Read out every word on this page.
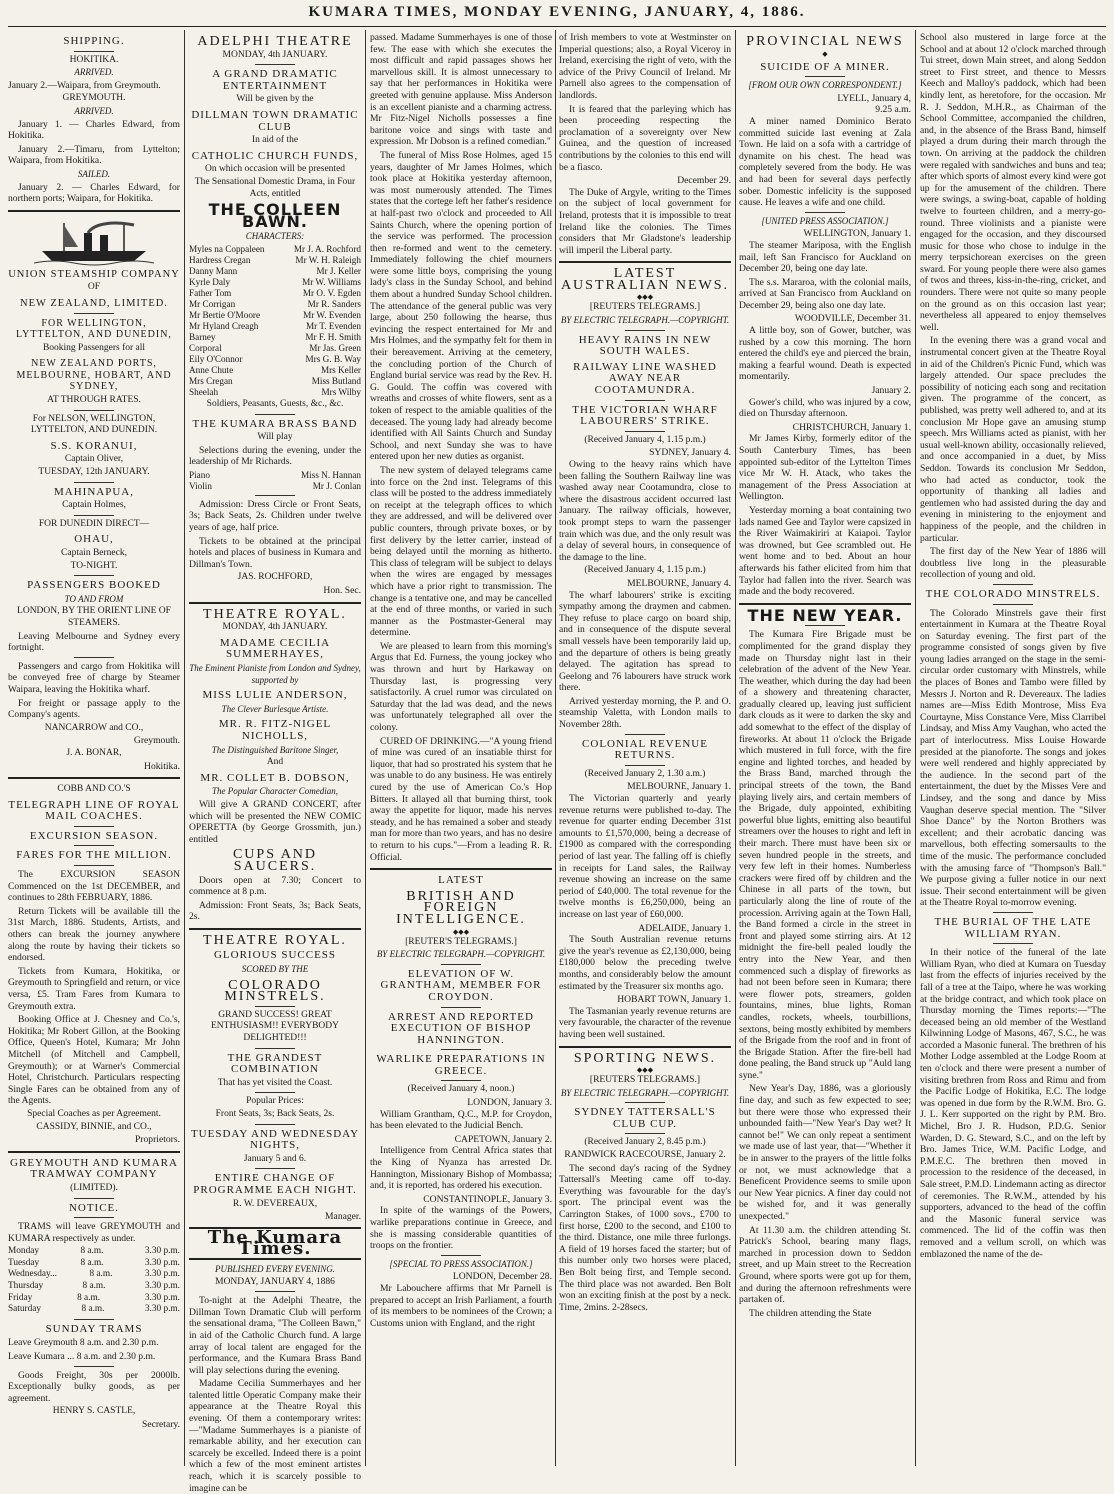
KUMARA TIMES, MONDAY EVENING, JANUARY, 4, 1886.
SHIPPING.
HOKITIKA.
ARRIVED.

January 2.—Waipara, from Greymouth.

GREYMOUTH.
ARRIVED.

January 1. — Charles Edward, from Hokitika.

January 2.—Timaru, from Lyttelton; Waipara, from Hokitika.

SAILED.

January 2. — Charles Edward, for northern ports; Waipara, for Hokitika.

UNION STEAMSHIP COMPANY
OF
NEW ZEALAND, LIMITED.
FOR WELLINGTON, LYTTELTON, AND DUNEDIN,
Booking Passengers for all
NEW ZEALAND PORTS, MELBOURNE, HOBART, AND SYDNEY,
AT THROUGH RATES.
For NELSON, WELLINGTON, LYTTELTON, AND DUNEDIN.
S.S. KORANUI,
Captain Oliver,
TUESDAY, 12th JANUARY.
MAHINAPUA,
Captain Holmes,
FOR DUNEDIN DIRECT—
OHAU,
Captain Berneck,
TO-NIGHT.
PASSENGERS BOOKED
TO AND FROM
LONDON, BY THE ORIENT LINE OF STEAMERS.

Leaving Melbourne and Sydney every fortnight.

Passengers and cargo from Hokitika will be conveyed free of charge by Steamer Waipara, leaving the Hokitika wharf.

For freight or passage apply to the Company's agents.

NANCARROW and CO.,
Greymouth.
J. A. BONAR,
Hokitika.
COBB AND CO.'S
TELEGRAPH LINE OF ROYAL MAIL COACHES.
EXCURSION SEASON.
FARES FOR THE MILLION.

The EXCURSION SEASON Commenced on the 1st DECEMBER, and continues to 28th FEBRUARY, 1886.

Return Tickets will be available till the 31st March, 1886. Students, Artists, and others can break the journey anywhere along the route by having their tickets so endorsed.

Tickets from Kumara, Hokitika, or Greymouth to Springfield and return, or vice versa, £5. Tram Fares from Kumara to Greymouth extra.

Booking Office at J. Chesney and Co.'s, Hokitika; Mr Robert Gillon, at the Booking Office, Queen's Hotel, Kumara; Mr John Mitchell (of Mitchell and Campbell, Greymouth); or at Warner's Commercial Hotel, Christchurch. Particulars respecting Single Fares can be obtained from any of the Agents.

Special Coaches as per Agreement.
CASSIDY, BINNIE, and CO.,
Proprietors.
GREYMOUTH AND KUMARA TRAMWAY COMPANY
(LIMITED).
NOTICE.

TRAMS will leave GREYMOUTH and KUMARA respectively as under.

Monday	8 a.m.	3.30 p.m.
Tuesday	8 a.m.	3.30 p.m.
Wednesday...	8 a.m.	3.30 p.m.
Thursday	8 a.m.	3.30 p.m.
Friday	8 a.m.	3.30 p.m.
Saturday	8 a.m.	3.30 p.m.
SUNDAY TRAMS

Leave Greymouth 8 a.m. and 2.30 p.m.

Leave Kumara ... 8 a.m. and 2.30 p.m.

Goods Freight, 30s per 2000lb. Exceptionally bulky goods, as per agreement.

HENRY S. CASTLE,
Secretary.
ADELPHI THEATRE
MONDAY, 4th JANUARY.
A GRAND DRAMATIC ENTERTAINMENT
Will be given by the
DILLMAN TOWN DRAMATIC CLUB
In aid of the
CATHOLIC CHURCH FUNDS,
On which occasion will be presented
The Sensational Domestic Drama, in Four Acts, entitled
THE COLLEEN BAWN.
CHARACTERS:
Myles na Coppaleen	Mr J. A. Rochford
Hardress Cregan	Mr W. H. Raleigh
Danny Mann	Mr J. Keller
Kyrle Daly	Mr W. Williams
Father Tom	Mr O. V. Egden
Mr Corrigan	Mr R. Sanders
Mr Bertie O'Moore	Mr W. Evenden
Mr Hyland Creagh	Mr T. Evenden
Barney	Mr F. H. Smith
Corporal	Mr Jas. Green
Eily O'Connor	Mrs G. B. Way
Anne Chute	Mrs Keller
Mrs Cregan	Miss Butland
Sheelah	Mrs Wilby
Soldiers, Peasants, Guests, &c., &c.
THE KUMARA BRASS BAND
Will play

Selections during the evening, under the leadership of Mr Richards.

Piano	Miss N. Hannan
Violin	Mr J. Conlan

Admission: Dress Circle or Front Seats, 3s; Back Seats, 2s. Children under twelve years of age, half price.

Tickets to be obtained at the principal hotels and places of business in Kumara and Dillman's Town.

JAS. ROCHFORD,
Hon. Sec.
THEATRE ROYAL.
MONDAY, 4th JANUARY.
MADAME CECILIA SUMMERHAYES,
The Eminent Pianiste from London and Sydney, supported by
MISS LULIE ANDERSON,
The Clever Burlesque Artiste.
MR. R. FITZ-NIGEL NICHOLLS,
The Distinguished Baritone Singer,
And
MR. COLLET B. DOBSON,
The Popular Character Comedian,

Will give A GRAND CONCERT, after which will be presented the NEW COMIC OPERETTA (by George Grossmith, jun.) entitled

CUPS AND SAUCERS.

Doors open at 7.30; Concert to commence at 8 p.m.

Admission: Front Seats, 3s; Back Seats, 2s.

THEATRE ROYAL.
GLORIOUS SUCCESS
SCORED BY THE
COLORADO MINSTRELS.
GRAND SUCCESS! GREAT ENTHUSIASM!! EVERYBODY DELIGHTED!!!
THE GRANDEST COMBINATION
That has yet visited the Coast.
Popular Prices:
Front Seats, 3s; Back Seats, 2s.
TUESDAY AND WEDNESDAY NIGHTS,
January 5 and 6.
ENTIRE CHANGE OF PROGRAMME EACH NIGHT.
R. W. DEVEREAUX,
Manager.
The Kumara Times.
PUBLISHED EVERY EVENING.
MONDAY, JANUARY 4, 1886

To-night at the Adelphi Theatre, the Dillman Town Dramatic Club will perform the sensational drama, "The Colleen Bawn," in aid of the Catholic Church fund. A large array of local talent are engaged for the performance, and the Kumara Brass Band will play selections during the evening.

Madame Cecilia Summerhayes and her talented little Operatic Company make their appearance at the Theatre Royal this evening. Of them a contemporary writes:—"Madame Summerhayes is a pianiste of remarkable ability, and her execution can scarcely be excelled. Indeed there is a point which a few of the most eminent artistes reach, which it is scarcely possible to imagine can be

passed. Madame Summerhayes is one of those few. The ease with which she executes the most difficult and rapid passages shows her marvellous skill. It is almost unnecessary to say that her performances in Hokitika were greeted with genuine applause. Miss Anderson is an excellent pianiste and a charming actress. Mr Fitz-Nigel Nicholls possesses a fine baritone voice and sings with taste and expression. Mr Dobson is a refined comedian."

The funeral of Miss Rose Holmes, aged 15 years, daughter of Mr James Holmes, which took place at Hokitika yesterday afternoon, was most numerously attended. The Times states that the cortege left her father's residence at half-past two o'clock and proceeded to All Saints Church, where the opening portion of the service was performed. The procession then re-formed and went to the cemetery. Immediately following the chief mourners were some little boys, comprising the young lady's class in the Sunday School, and behind them about a hundred Sunday School children. The attendance of the general public was very large, about 250 following the hearse, thus evincing the respect entertained for Mr and Mrs Holmes, and the sympathy felt for them in their bereavement. Arriving at the cemetery, the concluding portion of the Church of England burial service was read by the Rev. H. G. Gould. The coffin was covered with wreaths and crosses of white flowers, sent as a token of respect to the amiable qualities of the deceased. The young lady had already become identified with All Saints Church and Sunday School, and next Sunday she was to have entered upon her new duties as organist.

The new system of delayed telegrams came into force on the 2nd inst. Telegrams of this class will be posted to the address immediately on receipt at the telegraph offices to which they are addressed, and will be delivered over public counters, through private boxes, or by first delivery by the letter carrier, instead of being delayed until the morning as hitherto. This class of telegram will be subject to delays when the wires are engaged by messages which have a prior right to transmission. The change is a tentative one, and may be cancelled at the end of three months, or varied in such manner as the Postmaster-General may determine.

We are pleased to learn from this morning's Argus that Ed. Furness, the young jockey who was thrown and hurt by Harkaway on Thursday last, is progressing very satisfactorily. A cruel rumor was circulated on Saturday that the lad was dead, and the news was unfortunately telegraphed all over the colony.

CURED OF DRINKING.—"A young friend of mine was cured of an insatiable thirst for liquor, that had so prostrated his system that he was unable to do any business. He was entirely cured by the use of American Co.'s Hop Bitters. It allayed all that burning thirst, took away the appetite for liquor, made his nerves steady, and he has remained a sober and steady man for more than two years, and has no desire to return to his cups."—From a leading R. R. Official.

LATEST
BRITISH AND FOREIGN INTELLIGENCE.
◆◆◆
[REUTER'S TELEGRAMS.]
BY ELECTRIC TELEGRAPH.—COPYRIGHT.
ELEVATION OF W. GRANTHAM, MEMBER FOR CROYDON.
ARREST AND REPORTED EXECUTION OF BISHOP HANNINGTON.
WARLIKE PREPARATIONS IN GREECE.
(Received January 4, noon.)
LONDON, January 3.

William Grantham, Q.C., M.P. for Croydon, has been elevated to the Judicial Bench.

CAPETOWN, January 2.

Intelligence from Central Africa states that the King of Nyanza has arrested Dr. Hannington, Missionary Bishop of Mombassa; and, it is reported, has ordered his execution.

CONSTANTINOPLE, January 3.

In spite of the warnings of the Powers, warlike preparations continue in Greece, and she is massing considerable quantities of troops on the frontier.

[SPECIAL TO PRESS ASSOCIATION.]
LONDON, December 28.

Mr Labouchere affirms that Mr Parnell is prepared to accept an Irish Parliament, a fourth of its members to be nominees of the Crown; a Customs union with England, and the right

of Irish members to vote at Westminster on Imperial questions; also, a Royal Viceroy in Ireland, exercising the right of veto, with the advice of the Privy Council of Ireland. Mr Parnell also agrees to the compensation of landlords.

It is feared that the parleying which has been proceeding respecting the proclamation of a sovereignty over New Guinea, and the question of increased contributions by the colonies to this end will be a fiasco.

December 29.

The Duke of Argyle, writing to the Times on the subject of local government for Ireland, protests that it is impossible to treat Ireland like the colonies. The Times considers that Mr Gladstone's leadership will imperil the Liberal party.

LATEST AUSTRALIAN NEWS.
◆◆◆
[REUTERS TELEGRAMS.]
BY ELECTRIC TELEGRAPH.—COPYRIGHT.
HEAVY RAINS IN NEW SOUTH WALES.
RAILWAY LINE WASHED AWAY NEAR COOTAMUNDRA.
THE VICTORIAN WHARF LABOURERS' STRIKE.
(Received January 4, 1.15 p.m.)
SYDNEY, January 4.

Owing to the heavy rains which have been falling the Southern Railway line was washed away near Cootamundra, close to where the disastrous accident occurred last January. The railway officials, however, took prompt steps to warn the passenger train which was due, and the only result was a delay of several hours, in consequence of the damage to the line.

(Received January 4, 1.15 p.m.)
MELBOURNE, January 4.

The wharf labourers' strike is exciting sympathy among the draymen and cabmen. They refuse to place cargo on board ship, and in consequence of the dispute several small vessels have been temporarily laid up, and the departure of others is being greatly delayed. The agitation has spread to Geelong and 76 labourers have struck work there.

Arrived yesterday morning, the P. and O. steamship Valetta, with London mails to November 28th.

COLONIAL REVENUE RETURNS.
(Received January 2, 1.30 a.m.)
MELBOURNE, January 1.

The Victorian quarterly and yearly revenue returns were published to-day. The revenue for quarter ending December 31st amounts to £1,570,000, being a decrease of £1900 as compared with the corresponding period of last year. The falling off is chiefly in receipts for Land sales, the Railway revenue showing an increase on the same period of £40,000. The total revenue for the twelve months is £6,250,000, being an increase on last year of £60,000.

ADELAIDE, January 1.

The South Australian revenue returns give the year's revenue as £2,130,000, being £180,000 below the preceding twelve months, and considerably below the amount estimated by the Treasurer six months ago.

HOBART TOWN, January 1.

The Tasmanian yearly revenue returns are very favourable, the character of the revenue having been well sustained.

SPORTING NEWS.
◆◆◆
[REUTERS TELEGRAMS.]
BY ELECTRIC TELEGRAPH.—COPYRIGHT.
SYDNEY TATTERSALL'S CLUB CUP.
(Received January 2, 8.45 p.m.)
RANDWICK RACECOURSE, January 2.

The second day's racing of the Sydney Tattersall's Meeting came off to-day. Everything was favourable for the day's sport. The principal event was the Carrington Stakes, of 1000 sovs., £700 to first horse, £200 to the second, and £100 to the third. Distance, one mile three furlongs. A field of 19 horses faced the starter; but of this number only two horses were placed, Ben Bolt being first, and Temple second. The third place was not awarded. Ben Bolt won an exciting finish at the post by a neck. Time, 2mins. 2-28secs.

PROVINCIAL NEWS
◆
SUICIDE OF A MINER.
[FROM OUR OWN CORRESPONDENT.]
LYELL, January 4,
9.25 a.m.

A miner named Dominico Berato committed suicide last evening at Zala Town. He laid on a sofa with a cartridge of dynamite on his chest. The head was completely severed from the body. He was and had been for several days perfectly sober. Domestic infelicity is the supposed cause. He leaves a wife and one child.

[UNITED PRESS ASSOCIATION.]
WELLINGTON, January 1.

The steamer Mariposa, with the English mail, left San Francisco for Auckland on December 20, being one day late.

The s.s. Mararoa, with the colonial mails, arrived at San Francisco from Auckland on December 29, being also one day late.

WOODVILLE, December 31.

A little boy, son of Gower, butcher, was rushed by a cow this morning. The horn entered the child's eye and pierced the brain, making a fearful wound. Death is expected momentarily.

January 2.

Gower's child, who was injured by a cow, died on Thursday afternoon.

CHRISTCHURCH, January 1.

Mr James Kirby, formerly editor of the South Canterbury Times, has been appointed sub-editor of the Lyttelton Times vice Mr W. H. Atack, who takes the management of the Press Association at Wellington.

Yesterday morning a boat containing two lads named Gee and Taylor were capsized in the River Waimakiriri at Kaiapoi. Taylor was drowned, but Gee scrambled out. He went home and to bed. About an hour afterwards his father elicited from him that Taylor had fallen into the river. Search was made and the body recovered.

THE NEW YEAR.

The Kumara Fire Brigade must be complimented for the grand display they made on Thursday night last in their celebration of the advent of the New Year. The weather, which during the day had been of a showery and threatening character, gradually cleared up, leaving just sufficient dark clouds as it were to darken the sky and add somewhat to the effect of the display of fireworks. At about 11 o'clock the Brigade which mustered in full force, with the fire engine and lighted torches, and headed by the Brass Band, marched through the principal streets of the town, the Band playing lively airs, and certain members of the Brigade, duly appointed, exhibiting powerful blue lights, emitting also beautiful streamers over the houses to right and left in their march. There must have been six or seven hundred people in the streets, and very few left in their homes. Numberless crackers were fired off by children and the Chinese in all parts of the town, but particularly along the line of route of the procession. Arriving again at the Town Hall, the Band formed a circle in the street in front and played some stirring airs. At 12 midnight the fire-bell pealed loudly the entry into the New Year, and then commenced such a display of fireworks as had not been before seen in Kumara; there were flower pots, streamers, golden fountains, mines, blue lights, Roman candles, rockets, wheels, tourbillions, sextons, being mostly exhibited by members of the Brigade from the roof and in front of the Brigade Station. After the fire-bell had done pealing, the Band struck up "Auld lang syne."

New Year's Day, 1886, was a gloriously fine day, and such as few expected to see; but there were those who expressed their unbounded faith—"New Year's Day wet? It cannot be!" We can only repeat a sentiment we made use of last year, that—"Whether it be in answer to the prayers of the little folks or not, we must acknowledge that a Beneficent Providence seems to smile upon our New Year picnics. A finer day could not be wished for, and it was generally unexpected."

At 11.30 a.m. the children attending St. Patrick's School, bearing many flags, marched in procession down to Seddon street, and up Main street to the Recreation Ground, where sports were got up for them, and during the afternoon refreshments were partaken of.

The children attending the State

School also mustered in large force at the School and at about 12 o'clock marched through Tui street, down Main street, and along Seddon street to First street, and thence to Messrs Keech and Malloy's paddock, which had been kindly lent, as heretofore, for the occasion. Mr R. J. Seddon, M.H.R., as Chairman of the School Committee, accompanied the children, and, in the absence of the Brass Band, himself played a drum during their march through the town. On arriving at the paddock the children were regaled with sandwiches and buns and tea; after which sports of almost every kind were got up for the amusement of the children. There were swings, a swing-boat, capable of holding twelve to fourteen children, and a merry-go-round. Three violinists and a pianiste were engaged for the occasion, and they discoursed music for those who chose to indulge in the merry terpsichorean exercises on the green sward. For young people there were also games of twos and threes, kiss-in-the-ring, cricket, and rounders. There were not quite so many people on the ground as on this occasion last year; nevertheless all appeared to enjoy themselves well.

In the evening there was a grand vocal and instrumental concert given at the Theatre Royal in aid of the Children's Picnic Fund, which was largely attended. Our space precludes the possibility of noticing each song and recitation given. The programme of the concert, as published, was pretty well adhered to, and at its conclusion Mr Hope gave an amusing stump speech. Mrs Williams acted as pianist, with her usual well-known ability, occasionally relieved, and once accompanied in a duet, by Miss Seddon. Towards its conclusion Mr Seddon, who had acted as conductor, took the opportunity of thanking all ladies and gentlemen who had assisted during the day and evening in ministering to the enjoyment and happiness of the people, and the children in particular.

The first day of the New Year of 1886 will doubtless live long in the pleasurable recollection of young and old.

THE COLORADO MINSTRELS.

The Colorado Minstrels gave their first entertainment in Kumara at the Theatre Royal on Saturday evening. The first part of the programme consisted of songs given by five young ladies arranged on the stage in the semi-circular order customary with Minstrels, while the places of Bones and Tambo were filled by Messrs J. Norton and R. Devereaux. The ladies names are—Miss Edith Montrose, Miss Eva Courtayne, Miss Constance Vere, Miss Clarribel Lindsay, and Miss Amy Vaughan, who acted the part of interlocutress. Miss Louise Howarde presided at the pianoforte. The songs and jokes were well rendered and highly appreciated by the audience. In the second part of the entertainment, the duet by the Misses Vere and Lindsey, and the song and dance by Miss Vaughan deserve special mention. The "Silver Shoe Dance" by the Norton Brothers was excellent; and their acrobatic dancing was marvellous, both effecting somersaults to the time of the music. The performance concluded with the amusing farce of "Thompson's Ball." We purpose giving a fuller notice in our next issue. Their second entertainment will be given at the Theatre Royal to-morrow evening.

THE BURIAL OF THE LATE WILLIAM RYAN.

In their notice of the funeral of the late William Ryan, who died at Kumara on Tuesday last from the effects of injuries received by the fall of a tree at the Taipo, where he was working at the bridge contract, and which took place on Thursday morning the Times reports:—"The deceased being an old member of the Westland Kilwinning Lodge of Masons, 467, S.C., he was accorded a Masonic funeral. The brethren of his Mother Lodge assembled at the Lodge Room at ten o'clock and there were present a number of visiting brethren from Ross and Rimu and from the Pacific Lodge of Hokitika, E.C. The lodge was opened in due form by the R.W.M. Bro. G. J. L. Kerr supported on the right by P.M. Bro. Michel, Bro J. R. Hudson, P.D.G. Senior Warden, D. G. Steward, S.C., and on the left by Bro. James Trice, W.M. Pacific Lodge, and P.M.E.C. The brethren then moved in procession to the residence of the deceased, in Sale street, P.M.D. Lindemann acting as director of ceremonies. The R.W.M., attended by his supporters, advanced to the head of the coffin and the Masonic funeral service was commenced. The lid of the coffin was then removed and a vellum scroll, on which was emblazoned the name of the de-
